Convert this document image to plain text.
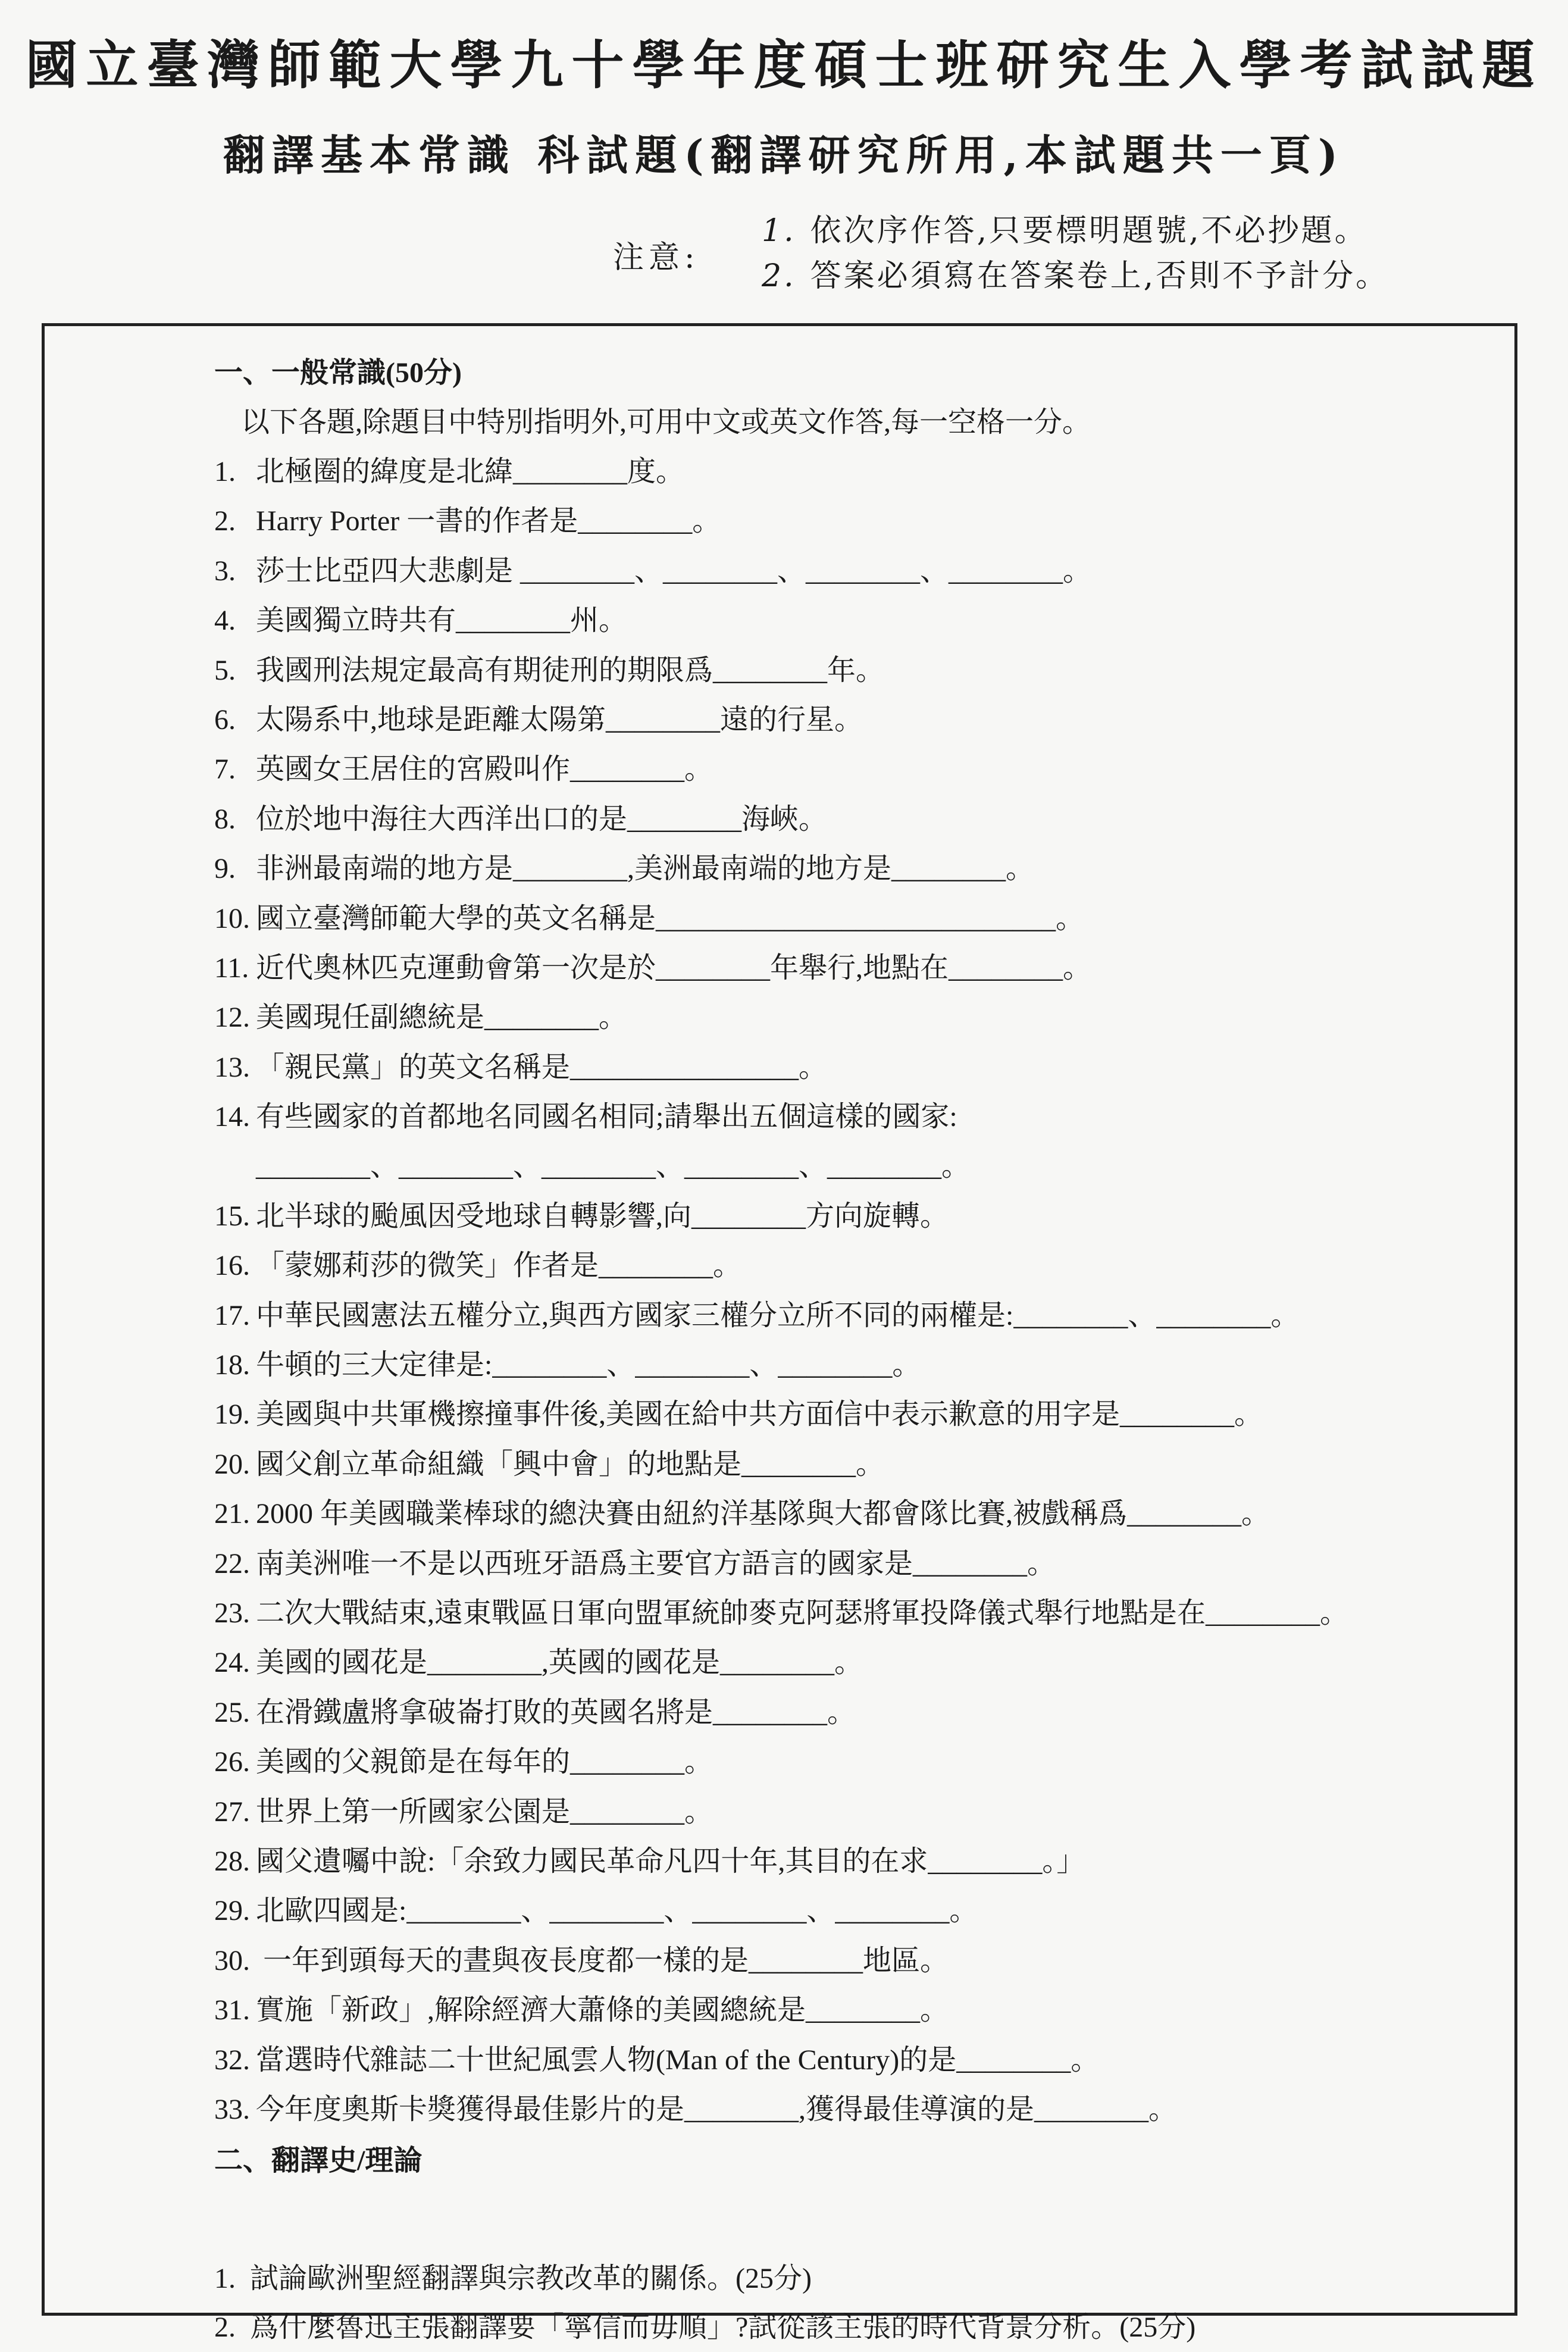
國立臺灣師範大學九十學年度碩士班研究生入學考試試題
翻譯基本常識 科試題(翻譯研究所用,本試題共一頁)
注意:
1. 依次序作答,只要標明題號,不必抄題。
2. 答案必須寫在答案卷上,否則不予計分。
一、一般常識(50分)
以下各題,除題目中特別指明外,可用中文或英文作答,每一空格一分。
1. 北極圈的緯度是北緯________度。
2. Harry Porter 一書的作者是________。
3. 莎士比亞四大悲劇是 ________、________、________、________。
4. 美國獨立時共有________州。
5. 我國刑法規定最高有期徒刑的期限爲________年。
6. 太陽系中,地球是距離太陽第________遠的行星。
7. 英國女王居住的宮殿叫作________。
8. 位於地中海往大西洋出口的是________海峽。
9. 非洲最南端的地方是________,美洲最南端的地方是________。
10. 國立臺灣師範大學的英文名稱是____________________________。
11. 近代奧林匹克運動會第一次是於________年舉行,地點在________。
12. 美國現任副總統是________。
13. 「親民黨」的英文名稱是________________。
14. 有些國家的首都地名同國名相同;請舉出五個這樣的國家:
________、________、________、________、________。
15. 北半球的颱風因受地球自轉影響,向________方向旋轉。
16. 「蒙娜莉莎的微笑」作者是________。
17. 中華民國憲法五權分立,與西方國家三權分立所不同的兩權是:________、________。
18. 牛頓的三大定律是:________、________、________。
19. 美國與中共軍機擦撞事件後,美國在給中共方面信中表示歉意的用字是________。
20. 國父創立革命組織「興中會」的地點是________。
21. 2000 年美國職業棒球的總決賽由紐約洋基隊與大都會隊比賽,被戲稱爲________。
22. 南美洲唯一不是以西班牙語爲主要官方語言的國家是________。
23. 二次大戰結束,遠東戰區日軍向盟軍統帥麥克阿瑟將軍投降儀式舉行地點是在________。
24. 美國的國花是________,英國的國花是________。
25. 在滑鐵盧將拿破崙打敗的英國名將是________。
26. 美國的父親節是在每年的________。
27. 世界上第一所國家公園是________。
28. 國父遺囑中說:「余致力國民革命凡四十年,其目的在求________。」
29. 北歐四國是:________、________、________、________。
30. 一年到頭每天的晝與夜長度都一樣的是________地區。
31. 實施「新政」,解除經濟大蕭條的美國總統是________。
32. 當選時代雜誌二十世紀風雲人物(Man of the Century)的是________。
33. 今年度奧斯卡獎獲得最佳影片的是________,獲得最佳導演的是________。
二、翻譯史/理論
1. 試論歐洲聖經翻譯與宗教改革的關係。(25分)
2. 爲什麼魯迅主張翻譯要「寧信而毋順」?試從該主張的時代背景分析。(25分)
